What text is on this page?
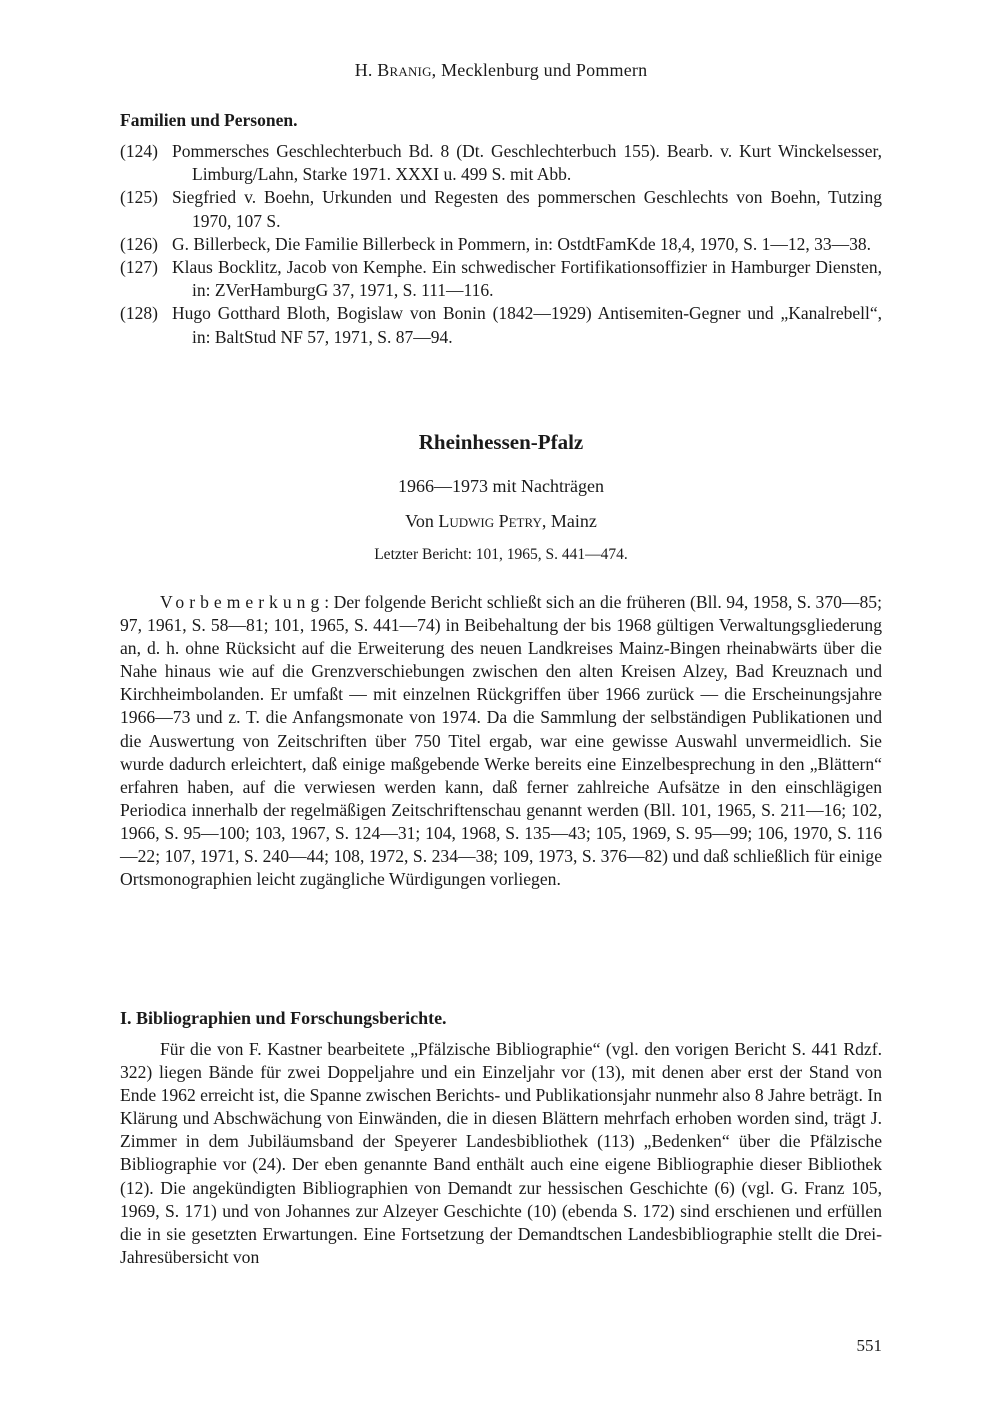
H. Branig, Mecklenburg und Pommern
Familien und Personen.
(124) Pommersches Geschlechterbuch Bd. 8 (Dt. Geschlechterbuch 155). Bearb. v. Kurt Winckelsesser, Limburg/Lahn, Starke 1971. XXXI u. 499 S. mit Abb.
(125) Siegfried v. Boehn, Urkunden und Regesten des pommerschen Geschlechts von Boehn, Tutzing 1970, 107 S.
(126) G. Billerbeck, Die Familie Billerbeck in Pommern, in: OstdtFamKde 18,4, 1970, S. 1—12, 33—38.
(127) Klaus Bocklitz, Jacob von Kemphe. Ein schwedischer Fortifikationsoffizier in Hamburger Diensten, in: ZVerHamburgG 37, 1971, S. 111—116.
(128) Hugo Gotthard Bloth, Bogislaw von Bonin (1842—1929) Antisemiten-Gegner und „Kanalrebell“, in: BaltStud NF 57, 1971, S. 87—94.
Rheinhessen-Pfalz
1966—1973 mit Nachträgen
Von Ludwig Petry, Mainz
Letzter Bericht: 101, 1965, S. 441—474.
Vorbemerkung: Der folgende Bericht schließt sich an die früheren (Bll. 94, 1958, S. 370—85; 97, 1961, S. 58—81; 101, 1965, S. 441—74) in Beibehaltung der bis 1968 gültigen Verwaltungsgliederung an, d. h. ohne Rücksicht auf die Erweiterung des neuen Landkreises Mainz-Bingen rheinabwärts über die Nahe hinaus wie auf die Grenzverschiebungen zwischen den alten Kreisen Alzey, Bad Kreuznach und Kirchheimbolanden. Er umfaßt — mit einzelnen Rückgriffen über 1966 zurück — die Erscheinungsjahre 1966—73 und z. T. die Anfangsmonate von 1974. Da die Sammlung der selbständigen Publikationen und die Auswertung von Zeitschriften über 750 Titel ergab, war eine gewisse Auswahl unvermeidlich. Sie wurde dadurch erleichtert, daß einige maßgebende Werke bereits eine Einzelbesprechung in den „Blättern“ erfahren haben, auf die verwiesen werden kann, daß ferner zahlreiche Aufsätze in den einschlägigen Periodica innerhalb der regelmäßigen Zeitschriftenschau genannt werden (Bll. 101, 1965, S. 211—16; 102, 1966, S. 95—100; 103, 1967, S. 124—31; 104, 1968, S. 135—43; 105, 1969, S. 95—99; 106, 1970, S. 116—22; 107, 1971, S. 240—44; 108, 1972, S. 234—38; 109, 1973, S. 376—82) und daß schließlich für einige Ortsmonographien leicht zugängliche Würdigungen vorliegen.
I. Bibliographien und Forschungsberichte.
Für die von F. Kastner bearbeitete „Pfälzische Bibliographie“ (vgl. den vorigen Bericht S. 441 Rdzf. 322) liegen Bände für zwei Doppeljahre und ein Einzeljahr vor (13), mit denen aber erst der Stand von Ende 1962 erreicht ist, die Spanne zwischen Berichts- und Publikationsjahr nunmehr also 8 Jahre beträgt. In Klärung und Abschwächung von Einwänden, die in diesen Blättern mehrfach erhoben worden sind, trägt J. Zimmer in dem Jubiläumsband der Speyerer Landesbibliothek (113) „Bedenken“ über die Pfälzische Bibliographie vor (24). Der eben genannte Band enthält auch eine eigene Bibliographie dieser Bibliothek (12). Die angekündigten Bibliographien von Demandt zur hessischen Geschichte (6) (vgl. G. Franz 105, 1969, S. 171) und von Johannes zur Alzeyer Geschichte (10) (ebenda S. 172) sind erschienen und erfüllen die in sie gesetzten Erwartungen. Eine Fortsetzung der Demandtschen Landesbibliographie stellt die Drei-Jahresübersicht von
551
